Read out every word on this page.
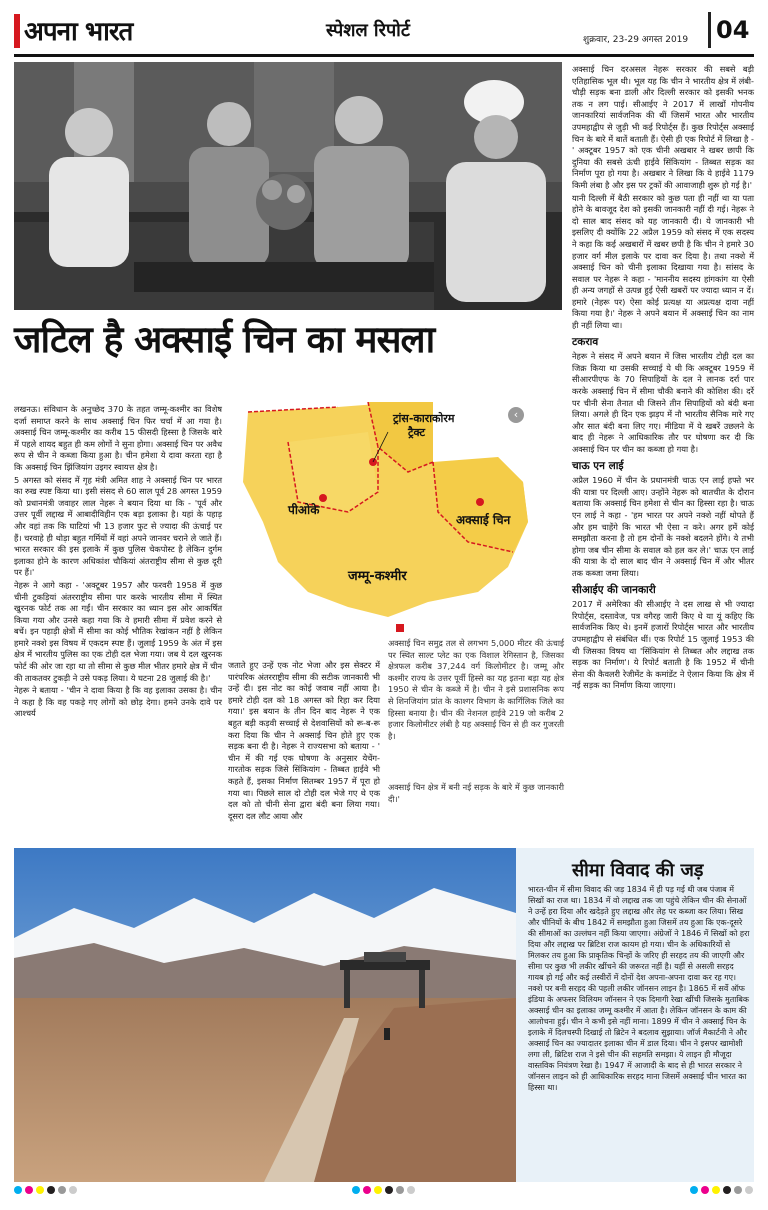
अपना भारत	स्पेशल रिपोर्ट	शुक्रवार, 23-29 अगस्त 2019 04
जटिल है अक्साई चिन का मसला

लखनऊ। संविधान के अनुच्छेद 370 के तहत जम्मू-कश्मीर का विशेष दर्जा समाप्त करने के साथ अक्साई चिन फिर चर्चा में आ गया है। अक्साई चिन जम्मू-कश्मीर का करीब 15 फीसदी हिस्सा है जिसके बारे में पहले शायद बहुत ही कम लोगों ने सुना होगा। अक्साई चिन पर अवैध रूप से चीन ने कब्जा किया हुआ है। चीन हमेशा ये दावा करता रहा है कि अक्साई चिन झिंजियांग उइगर स्वायत्त क्षेत्र है।

5 अगस्त को संसद में गृह मंत्री अमित शाह ने अक्साई चिन पर भारत का रुख स्पष्ट किया था। इसी संसद से 60 साल पूर्व 28 अगस्त 1959 को प्रधानमंत्री जवाहर लाल नेहरू ने बयान दिया था कि - 'पूर्व और उत्तर पूर्वी लद्दाख में आबादीविहीन एक बड़ा इलाका है। यहां के पहाड़ और वहां तक कि घाटियां भी 13 हजार फुट से ज्यादा की ऊंचाई पर हैं। चरवाहे ही थोड़ा बहुत गर्मियों में वहां अपने जानवर चराने ले जाते हैं। भारत सरकार की इस इलाके में कुछ पुलिस चेकपोस्ट है लेकिन दुर्गम इलाका होने के कारण अधिकांश चौकियां अंतराष्ट्रीय सीमा से कुछ दूरी पर हैं।'

नेहरू ने आगे कहा - 'अक्टूबर 1957 और फरवरी 1958 में कुछ चीनी टुकड़ियां अंतरराष्ट्रीय सीमा पार करके भारतीय सीमा में स्थित खुरनक फोर्ट तक आ गईं। चीन सरकार का ध्यान इस ओर आकर्षित किया गया और उनसे कहा गया कि वे हमारी सीमा में प्रवेश करने से बचें। इन पहाड़ी क्षेत्रों में सीमा का कोई भौतिक रेखांकन नहीं है लेकिन हमारे नक्शे इस विषय में एकदम स्पष्ट हैं। जुलाई 1959 के अंत में इस क्षेत्र में भारतीय पुलिस का एक टोही दल भेजा गया। जब ये दल खुरनक फोर्ट की ओर जा रहा था तो सीमा से कुछ मील भीतर हमारे क्षेत्र में चीन की ताकतवर टुकड़ी ने उसे पकड़ लिया। ये घटना 28 जुलाई की है।'

नेहरू ने बताया - 'चीन ने दावा किया है कि वह इलाका उसका है। चीन ने कहा है कि वह पकड़े गए लोगों को छोड़ देगा। हमने उनके दावे पर आश्चर्य

ट्रांस-काराकोरम
ट्रैक्ट
पीओके
अक्साई चिन
जम्मू-कश्मीर
‹

जताते हुए उन्हें एक नोट भेजा और इस सेक्टर में पारंपरिक अंतरराष्ट्रीय सीमा की सटीक जानकारी भी उन्हें दी। इस नोट का कोई जवाब नहीं आया है। हमारे टोही दल को 18 अगस्त को रिहा कर दिया गया।' इस बयान के तीन दिन बाद नेहरू ने एक बहुत बड़ी कड़वी सच्चाई से देशवासियों को रू-ब-रू करा दिया कि चीन ने अक्साई चिन होते हुए एक सड़क बना दी है। नेहरू ने राज्यसभा को बताया - ' चीन में की गई एक घोषणा के अनुसार येचेंग-गारतोक सड़क जिसे सिंकियांग - तिब्बत हाईवे भी कहते हैं, इसका निर्माण सितम्बर 1957 में पूरा हो गया था। पिछले साल दो टोही दल भेजे गए थे एक दल को तो चीनी सेना द्वारा बंदी बना लिया गया। दूसरा दल लौट आया और

अक्साई चिन समुद्र तल से लगभग 5,000 मीटर की ऊंचाई पर स्थित साल्ट प्लेट का एक विशाल रेगिस्तान है, जिसका क्षेत्रफल करीब 37,244 वर्ग किलोमीटर है। जम्मू और कश्मीर राज्य के उत्तर पूर्वी हिस्से का यह इतना बड़ा यह क्षेत्र 1950 से चीन के कब्जे में है। चीन ने इसे प्रशासनिक रूप से शिनजियांग प्रांत के काश्गर विभाग के कार्गिलिक जिले का हिस्सा बनाया है। चीन की नेशनल हाईवे 219 जो करीब 2 हजार किलोमीटर लंबी है यह अक्साई चिन से ही कर गुजरती है।

अक्साई चिन क्षेत्र में बनी नई सड़क के बारे में कुछ जानकारी दी।'

अक्साई चिन दरअसल नेहरू सरकार की सबसे बड़ी एतिहासिक भूल थी। भूल यह कि चीन ने भारतीय क्षेत्र में लंबी-चौड़ी सड़क बना डाली और दिल्ली सरकार को इसकी भनक तक न लग पाई। सीआईए ने 2017 में लाखों गोपनीय जानकारियां सार्वजनिक की थीं जिसमें भारत और भारतीय उपमहाद्वीप से जुड़ी भी कई रिपोर्ट्स हैं। कुछ रिपोर्ट्स अक्साई चिन के बारे में बातें बताती हैं। ऐसी ही एक रिपोर्ट में लिखा है - ' अक्टूबर 1957 को एक चीनी अखबार ने खबर छापी कि दुनिया की सबसे ऊंची हाईवे सिंकियांग - तिब्बत सड़क का निर्माण पूरा हो गया है। अखबार ने लिखा कि ये हाईवे 1179 किमी लंबा है और इस पर ट्रकों की आवाजाही शुरू हो गई है।'

यानी दिल्ली में बैठी सरकार को कुछ पता ही नहीं था या पता होने के बावजूद देश को इसकी जानकारी नहीं दी गई। नेहरू ने दो साल बाद संसद को यह जानकारी दी। ये जानकारी भी इसलिए दी क्योंकि 22 अप्रैल 1959 को संसद में एक सदस्य ने कहा कि कई अखबारों में खबर छपी है कि चीन ने हमारे 30 हजार वर्ग मील इलाके पर दावा कर दिया है। तथा नक्शे में अक्साई चिन को चीनी इलाका दिखाया गया है। सांसद के सवाल पर नेहरू ने कहा - 'माननीय सदस्य हांगकांग या ऐसी ही अन्य जगहों से उत्पन्न हुई ऐसी खबरों पर ज्यादा ध्यान न दें। हमारे (नेहरू पर) ऐसा कोई प्रत्यक्ष या अप्रत्यक्ष दावा नहीं किया गया है।' नेहरू ने अपने बयान में अक्साई चिन का नाम ही नहीं लिया था।

टकराव

नेहरू ने संसद में अपने बयान में जिस भारतीय टोही दल का जिक्र किया था उसकी सच्चाई ये थी कि अक्टूबर 1959 में सीआरपीएफ के 70 सिपाहियों के दल ने लानक दर्रा पार करके अक्साई चिन में सीमा चौकी बनाने की कोशिश की। दर्रे पर चीनी सेना तैनात थी जिसने तीन सिपाहियों को बंदी बना लिया। अगले ही दिन एक झड़प में नौ भारतीय सैनिक मारे गए और सात बंदी बना लिए गए। मीडिया में ये खबरें उछलने के बाद ही नेहरू ने आधिकारिक तौर पर घोषणा कर दी कि अक्साई चिन पर चीन का कब्जा हो गया है।

चाऊ एन लाई

अप्रैल 1960 में चीन के प्रधानमंत्री चाऊ एन लाई हफ्ते भर की यात्रा पर दिल्ली आए। उन्होंने नेहरू को बातचीत के दौरान बताया कि अक्साई चिन हमेशा से चीन का हिस्सा रहा है। चाऊ एन लाई ने कहा - 'हम भारत पर अपने नक्शे नहीं थोपते हैं और हम चाहेंगे कि भारत भी ऐसा न करे। अगर हमें कोई समझौता करना है तो हम दोनों के नक्शे बदलने होंगे। ये तभी होगा जब चीन सीमा के सवाल को हल कर ले।' चाऊ एन लाई की यात्रा के दो साल बाद चीन ने अक्साई चिन में और भीतर तक कब्जा जमा लिया।

सीआईए की जानकारी

2017 में अमेरिका की सीआईए ने दस लाख से भी ज्यादा रिपोर्ट्स, दस्तावेज, पत्र वगैरह जारी किए थे या यूं कहिए कि सार्वजनिक किए थे। इनमें हजारों रिपोर्ट्स भारत और भारतीय उपमहाद्वीप से संबंधित थीं। एक रिपोर्ट 15 जुलाई 1953 की थी जिसका विषय था 'सिंकियांग से तिब्बत और लद्दाख तक सड़क का निर्माण'। ये रिपोर्ट बताती है कि 1952 में चीनी सेना की कैवलरी रेजीमेंट के कमांडेंट ने ऐलान किया कि क्षेत्र में नई सड़क का निर्माण किया जाएगा।

सीमा विवाद की जड़
भारत-चीन में सीमा विवाद की जड़ 1834 में ही पड़ गई थी जब पंजाब में सिखों का राज था। 1834 में वो लद्दाख तक जा पहुंचे लेकिन चीन की सेनाओं ने उन्हें हरा दिया और खदेड़ते हुए लद्दाख और लेह पर कब्जा कर लिया। सिख और चीनियों के बीच 1842 में समझौता हुआ जिसमें तय हुआ कि एक-दूसरे की सीमाओं का उल्लंघन नहीं किया जाएगा। अंग्रेजों ने 1846 में सिखों को हरा दिया और लद्दाख पर ब्रिटिश राज कायम हो गया। चीन के अधिकारियों से मिलकर तय हुआ कि प्राकृतिक चिन्हों के जरिए ही सरहद तय की जाएगी और सीमा पर कुछ भी लकीर खींचने की जरूरत नहीं है। यहीं से असली सरहद गायब हो गई और कई तस्वीरों में दोनों देश अपना-अपना दावा कर रह गए। नक्शे पर बनी सरहद की पहली लकीर जॉनसन लाइन है। 1865 में सर्वे ऑफ इंडिया के अफसर विलियम जॉनसन ने एक दिमागी रेखा खींची जिसके मुताबिक अक्साई चीन का इलाका जम्मू कश्मीर में आता है। लेकिन जॉनसन के काम की आलोचना हुई। चीन ने कभी इसे नहीं माना। 1899 में चीन ने अक्साई चिन के इलाके में दिलचस्पी दिखाई तो ब्रिटेन ने बदलाव सुझाया। जॉर्ज मैकार्टनी ने और अक्साई चिन का ज्यादातर इलाका चीन में डाल दिया। चीन ने इसपर खामोशी लगा ली, ब्रिटिश राज ने इसे चीन की सहमति समझा। ये लाइन ही मौजूदा वास्तविक नियंत्रण रेखा है। 1947 में आजादी के बाद से ही भारत सरकार ने जॉनसन लाइन को ही आधिकारिक सरहद माना जिसमें अक्साई चीन भारत का हिस्सा था।
